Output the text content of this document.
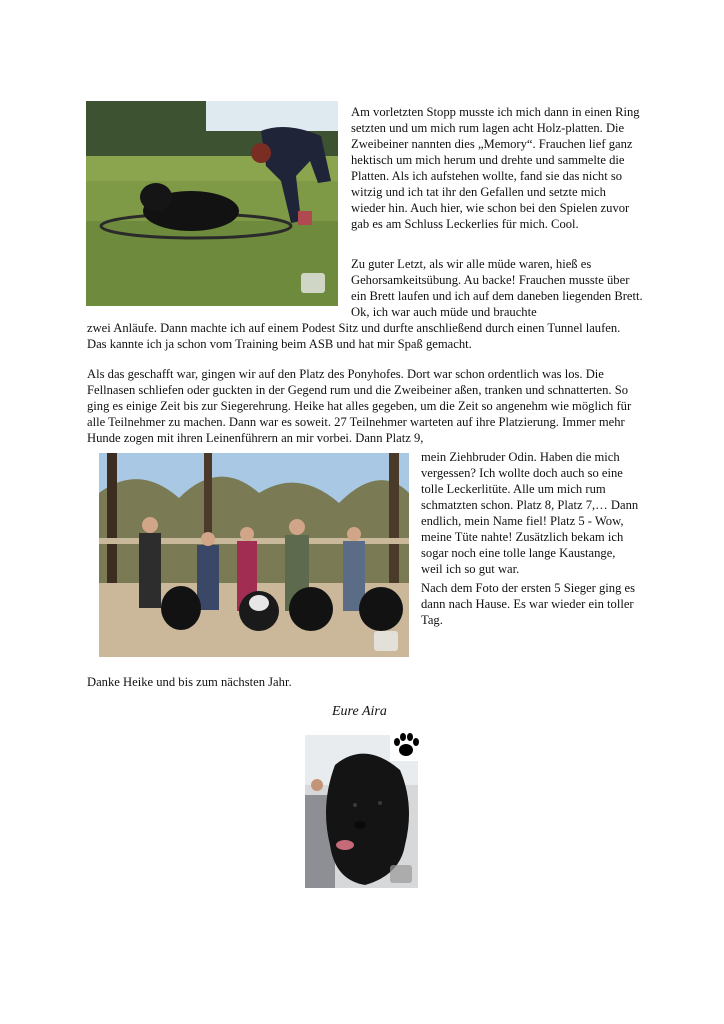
Am vorletzten Stopp musste ich mich dann in einen Ring setzten und um mich rum lagen acht Holz-platten. Die Zweibeiner nannten dies „Memory“. Frauchen lief ganz hektisch um mich herum und drehte und sammelte die Platten. Als ich aufstehen wollte, fand sie das nicht so witzig und ich tat ihr den Gefallen und setzte mich wieder hin. Auch hier, wie schon bei den Spielen zuvor gab es am Schluss Leckerlies für mich. Cool.
Zu guter Letzt, als wir alle müde waren, hieß es Gehorsamkeitsübung. Au backe! Frauchen musste über ein Brett laufen und ich auf dem daneben liegenden Brett. Ok, ich war auch müde und brauchte
zwei Anläufe. Dann machte ich auf einem Podest Sitz und durfte anschließend durch einen Tunnel laufen. Das kannte ich ja schon vom Training beim ASB und hat mir Spaß gemacht.
Als das geschafft war, gingen wir auf den Platz des Ponyhofes. Dort war schon ordentlich was los. Die Fellnasen schliefen oder guckten in der Gegend rum und die Zweibeiner aßen, tranken und schnatterten. So ging es einige Zeit bis zur Siegerehrung. Heike hat alles gegeben, um die Zeit so angenehm wie möglich für alle Teilnehmer zu machen. Dann war es soweit. 27 Teilnehmer warteten auf ihre Platzierung. Immer mehr Hunde zogen mit ihren Leinenführern an mir vorbei. Dann Platz 9,
mein Ziehbruder Odin. Haben die mich vergessen? Ich wollte doch auch so eine tolle Leckerlitüte. Alle um mich rum schmatzten schon. Platz 8, Platz 7,… Dann endlich, mein Name fiel! Platz 5 - Wow, meine Tüte nahte! Zusätzlich bekam ich sogar noch eine tolle lange Kaustange, weil ich so gut war.
Nach dem Foto der ersten 5 Sieger ging es dann nach Hause. Es war wieder ein toller Tag.
Danke Heike und bis zum nächsten Jahr.
Eure Aira
